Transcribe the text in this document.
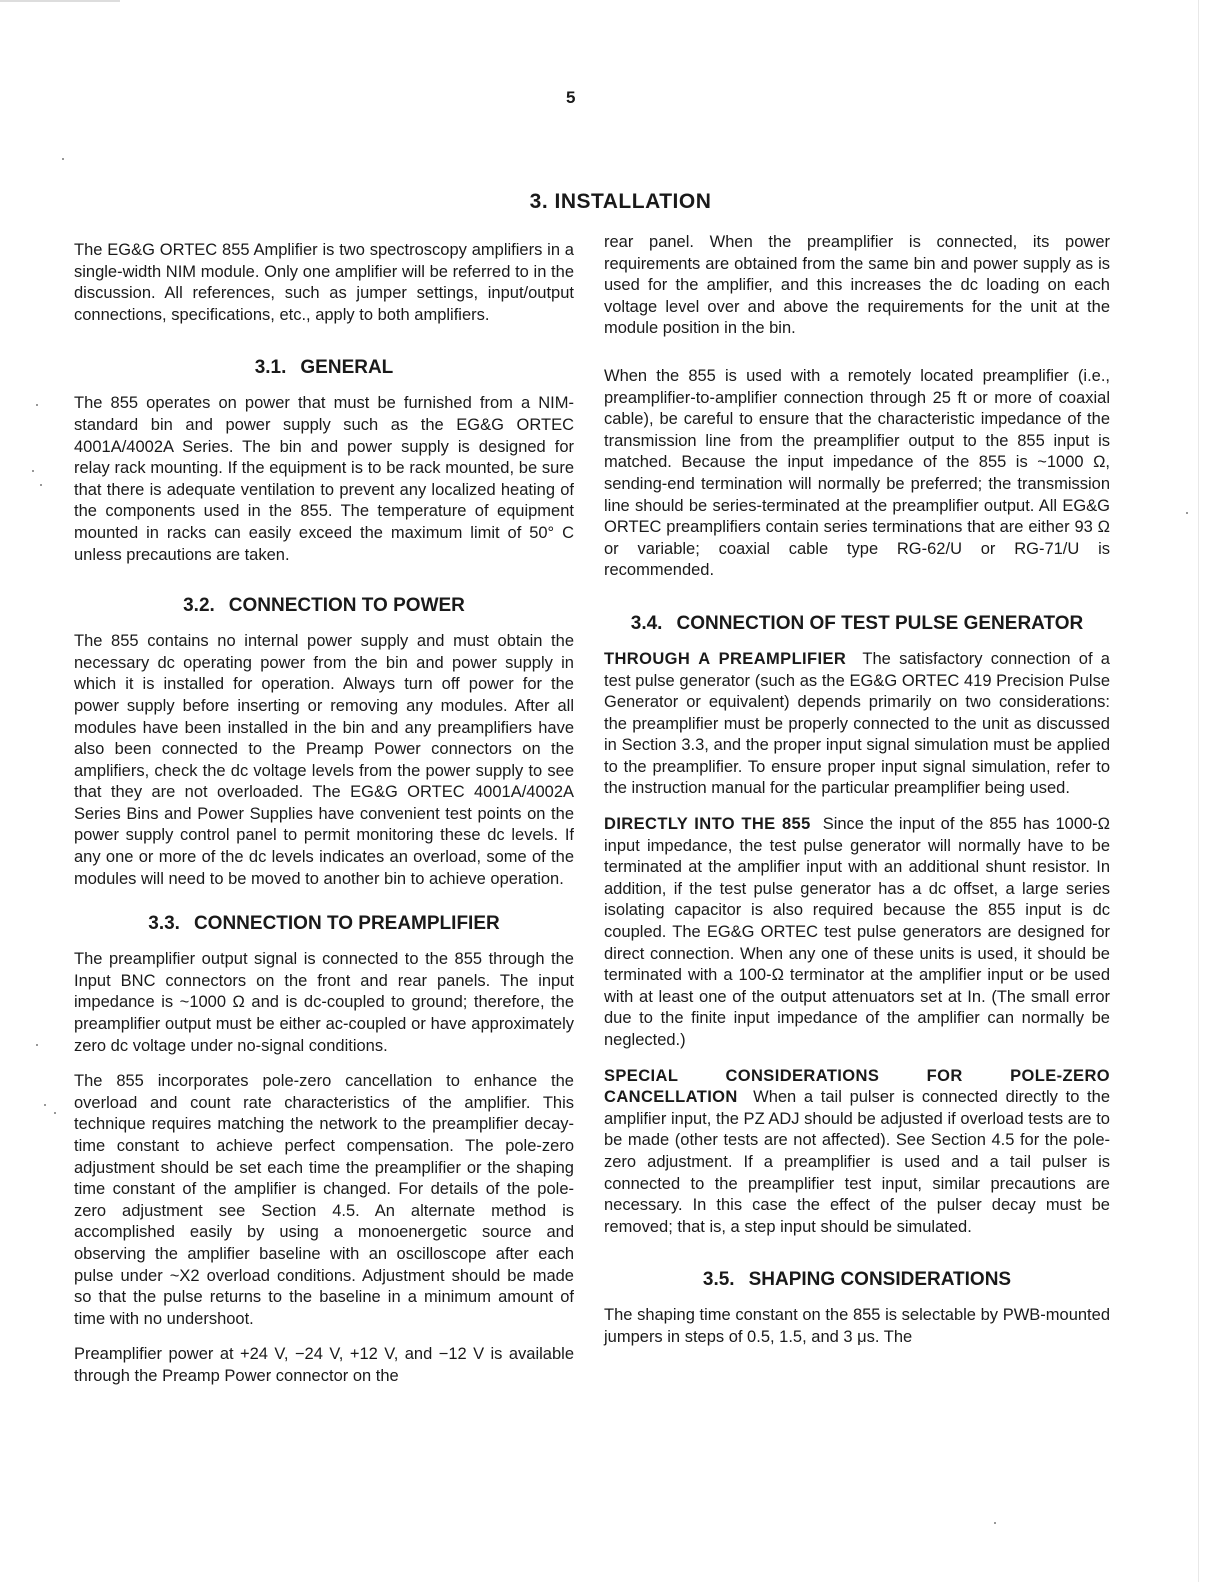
5
3. INSTALLATION

The EG&G ORTEC 855 Amplifier is two spectroscopy amplifiers in a single-width NIM module. Only one amplifier will be referred to in the discussion. All references, such as jumper settings, input/output connections, specifications, etc., apply to both amplifiers.

3.1. GENERAL

The 855 operates on power that must be furnished from a NIM-standard bin and power supply such as the EG&G ORTEC 4001A/4002A Series. The bin and power supply is designed for relay rack mounting. If the equipment is to be rack mounted, be sure that there is adequate ventilation to prevent any localized heating of the components used in the 855. The temperature of equipment mounted in racks can easily exceed the maximum limit of 50° C unless precautions are taken.

3.2. CONNECTION TO POWER

The 855 contains no internal power supply and must obtain the necessary dc operating power from the bin and power supply in which it is installed for operation. Always turn off power for the power supply before inserting or removing any modules. After all modules have been installed in the bin and any preamplifiers have also been connected to the Preamp Power connectors on the amplifiers, check the dc voltage levels from the power supply to see that they are not overloaded. The EG&G ORTEC 4001A/4002A Series Bins and Power Supplies have convenient test points on the power supply control panel to permit monitoring these dc levels. If any one or more of the dc levels indicates an overload, some of the modules will need to be moved to another bin to achieve operation.

3.3. CONNECTION TO PREAMPLIFIER

The preamplifier output signal is connected to the 855 through the Input BNC connectors on the front and rear panels. The input impedance is ~1000 Ω and is dc-coupled to ground; therefore, the preamplifier output must be either ac-coupled or have approximately zero dc voltage under no-signal conditions.

The 855 incorporates pole-zero cancellation to enhance the overload and count rate characteristics of the amplifier. This technique requires matching the network to the preamplifier decay-time constant to achieve perfect compensation. The pole-zero adjustment should be set each time the preamplifier or the shaping time constant of the amplifier is changed. For details of the pole-zero adjustment see Section 4.5. An alternate method is accomplished easily by using a monoenergetic source and observing the amplifier baseline with an oscilloscope after each pulse under ~X2 overload conditions. Adjustment should be made so that the pulse returns to the baseline in a minimum amount of time with no undershoot.

Preamplifier power at +24 V, −24 V, +12 V, and −12 V is available through the Preamp Power connector on the

rear panel. When the preamplifier is connected, its power requirements are obtained from the same bin and power supply as is used for the amplifier, and this increases the dc loading on each voltage level over and above the requirements for the unit at the module position in the bin.

When the 855 is used with a remotely located preamplifier (i.e., preamplifier-to-amplifier connection through 25 ft or more of coaxial cable), be careful to ensure that the characteristic impedance of the transmission line from the preamplifier output to the 855 input is matched. Because the input impedance of the 855 is ~1000 Ω, sending-end termination will normally be preferred; the transmission line should be series-terminated at the preamplifier output. All EG&G ORTEC preamplifiers contain series terminations that are either 93 Ω or variable; coaxial cable type RG-62/U or RG-71/U is recommended.

3.4. CONNECTION OF TEST PULSE GENERATOR

THROUGH A PREAMPLIFIER The satisfactory connection of a test pulse generator (such as the EG&G ORTEC 419 Precision Pulse Generator or equivalent) depends primarily on two considerations: the preamplifier must be properly connected to the unit as discussed in Section 3.3, and the proper input signal simulation must be applied to the preamplifier. To ensure proper input signal simulation, refer to the instruction manual for the particular preamplifier being used.

DIRECTLY INTO THE 855 Since the input of the 855 has 1000-Ω input impedance, the test pulse generator will normally have to be terminated at the amplifier input with an additional shunt resistor. In addition, if the test pulse generator has a dc offset, a large series isolating capacitor is also required because the 855 input is dc coupled. The EG&G ORTEC test pulse generators are designed for direct connection. When any one of these units is used, it should be terminated with a 100-Ω terminator at the amplifier input or be used with at least one of the output attenuators set at In. (The small error due to the finite input impedance of the amplifier can normally be neglected.)

SPECIAL CONSIDERATIONS FOR POLE-ZERO CANCELLATION When a tail pulser is connected directly to the amplifier input, the PZ ADJ should be adjusted if overload tests are to be made (other tests are not affected). See Section 4.5 for the pole-zero adjustment. If a preamplifier is used and a tail pulser is connected to the preamplifier test input, similar precautions are necessary. In this case the effect of the pulser decay must be removed; that is, a step input should be simulated.

3.5. SHAPING CONSIDERATIONS

The shaping time constant on the 855 is selectable by PWB-mounted jumpers in steps of 0.5, 1.5, and 3 μs. The
